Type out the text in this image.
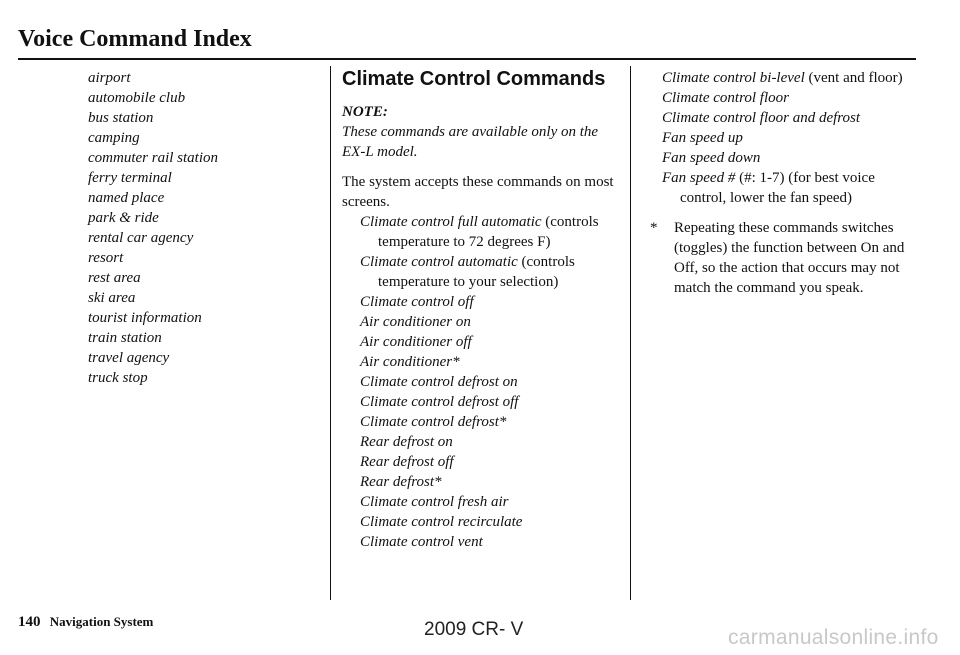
Voice Command Index
airport
automobile club
bus station
camping
commuter rail station
ferry terminal
named place
park & ride
rental car agency
resort
rest area
ski area
tourist information
train station
travel agency
truck stop
Climate Control Commands
NOTE:
These commands are available only on the EX-L model.
The system accepts these commands on most screens.
Climate control full automatic (controls temperature to 72 degrees F)
Climate control automatic (controls temperature to your selection)
Climate control off
Air conditioner on
Air conditioner off
Air conditioner*
Climate control defrost on
Climate control defrost off
Climate control defrost*
Rear defrost on
Rear defrost off
Rear defrost*
Climate control fresh air
Climate control recirculate
Climate control vent
Climate control bi-level (vent and floor)
Climate control floor
Climate control floor and defrost
Fan speed up
Fan speed down
Fan speed # (#: 1-7) (for best voice control, lower the fan speed)
* Repeating these commands switches (toggles) the function between On and Off, so the action that occurs may not match the command you speak.
140 Navigation System	2009 CR- V	carmanualsonline.info
